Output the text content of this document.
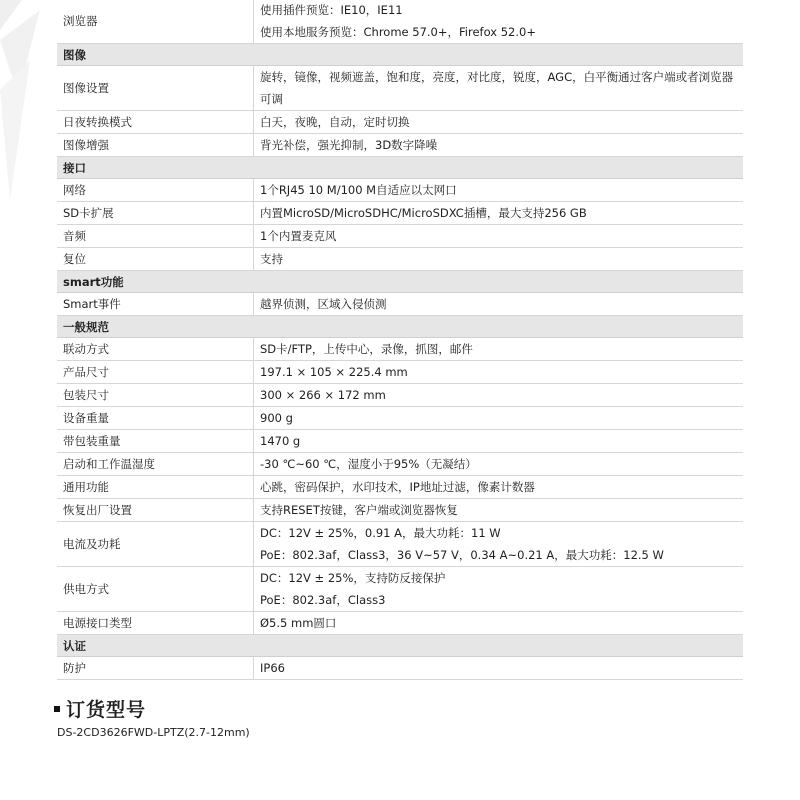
浏览器	使用插件预览：IE10，IE11
使用本地服务预览：Chrome 57.0+，Firefox 52.0+

图像	
图像设置	旋转，镜像，视频遮盖，饱和度，亮度，对比度，锐度，AGC，白平衡通过客户端或者浏览器可调

日夜转换模式	白天，夜晚，自动，定时切换

图像增强	背光补偿，强光抑制，3D数字降噪

接口	
网络	1个RJ45 10 M/100 M自适应以太网口

SD卡扩展	内置MicroSD/MicroSDHC/MicroSDXC插槽，最大支持256 GB

音频	1个内置麦克风

复位	支持

smart功能	
Smart事件	越界侦测，区域入侵侦测

一般规范	
联动方式	SD卡/FTP，上传中心，录像，抓图，邮件

产品尺寸	197.1 × 105 × 225.4 mm

包装尺寸	300 × 266 × 172 mm

设备重量	900 g

带包装重量	1470 g

启动和工作温湿度	-30 ℃~60 ℃，湿度小于95%（无凝结）

通用功能	心跳，密码保护，水印技术，IP地址过滤，像素计数器

恢复出厂设置	支持RESET按键，客户端或浏览器恢复

电流及功耗	DC：12V ± 25%，0.91 A，最大功耗：11 W
PoE：802.3af，Class3，36 V~57 V，0.34 A~0.21 A，最大功耗：12.5 W

供电方式	DC：12V ± 25%，支持防反接保护
PoE：802.3af，Class3

电源接口类型	Ø5.5 mm圆口

认证	
防护	IP66
订货型号
DS-2CD3626FWD-LPTZ(2.7-12mm)
